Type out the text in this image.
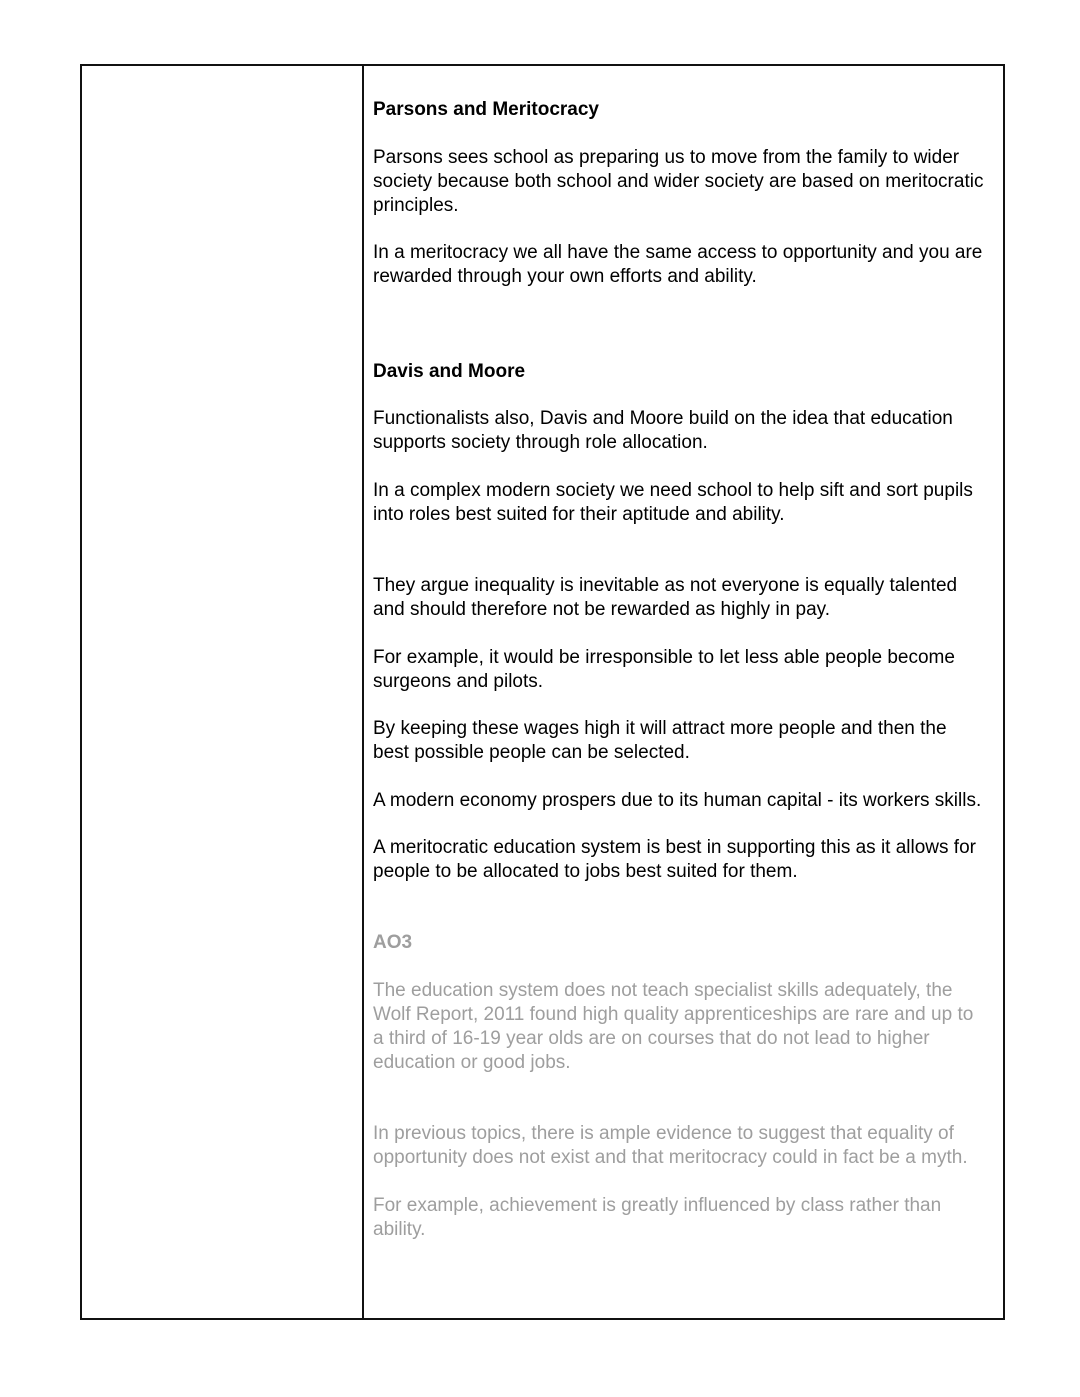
Parsons and Meritocracy
Parsons sees school as preparing us to move from the family to wider
society because both school and wider society are based on meritocratic
principles.
In a meritocracy we all have the same access to opportunity and you are
rewarded through your own efforts and ability.
Davis and Moore
Functionalists also, Davis and Moore build on the idea that education
supports society through role allocation.
In a complex modern society we need school to help sift and sort pupils
into roles best suited for their aptitude and ability.
They argue inequality is inevitable as not everyone is equally talented
and should therefore not be rewarded as highly in pay.
For example, it would be irresponsible to let less able people become
surgeons and pilots.
By keeping these wages high it will attract more people and then the
best possible people can be selected.
A modern economy prospers due to its human capital - its workers skills.
A meritocratic education system is best in supporting this as it allows for
people to be allocated to jobs best suited for them.
AO3
The education system does not teach specialist skills adequately, the
Wolf Report, 2011 found high quality apprenticeships are rare and up to
a third of 16-19 year olds are on courses that do not lead to higher
education or good jobs.
In previous topics, there is ample evidence to suggest that equality of
opportunity does not exist and that meritocracy could in fact be a myth.
For example, achievement is greatly influenced by class rather than
ability.
